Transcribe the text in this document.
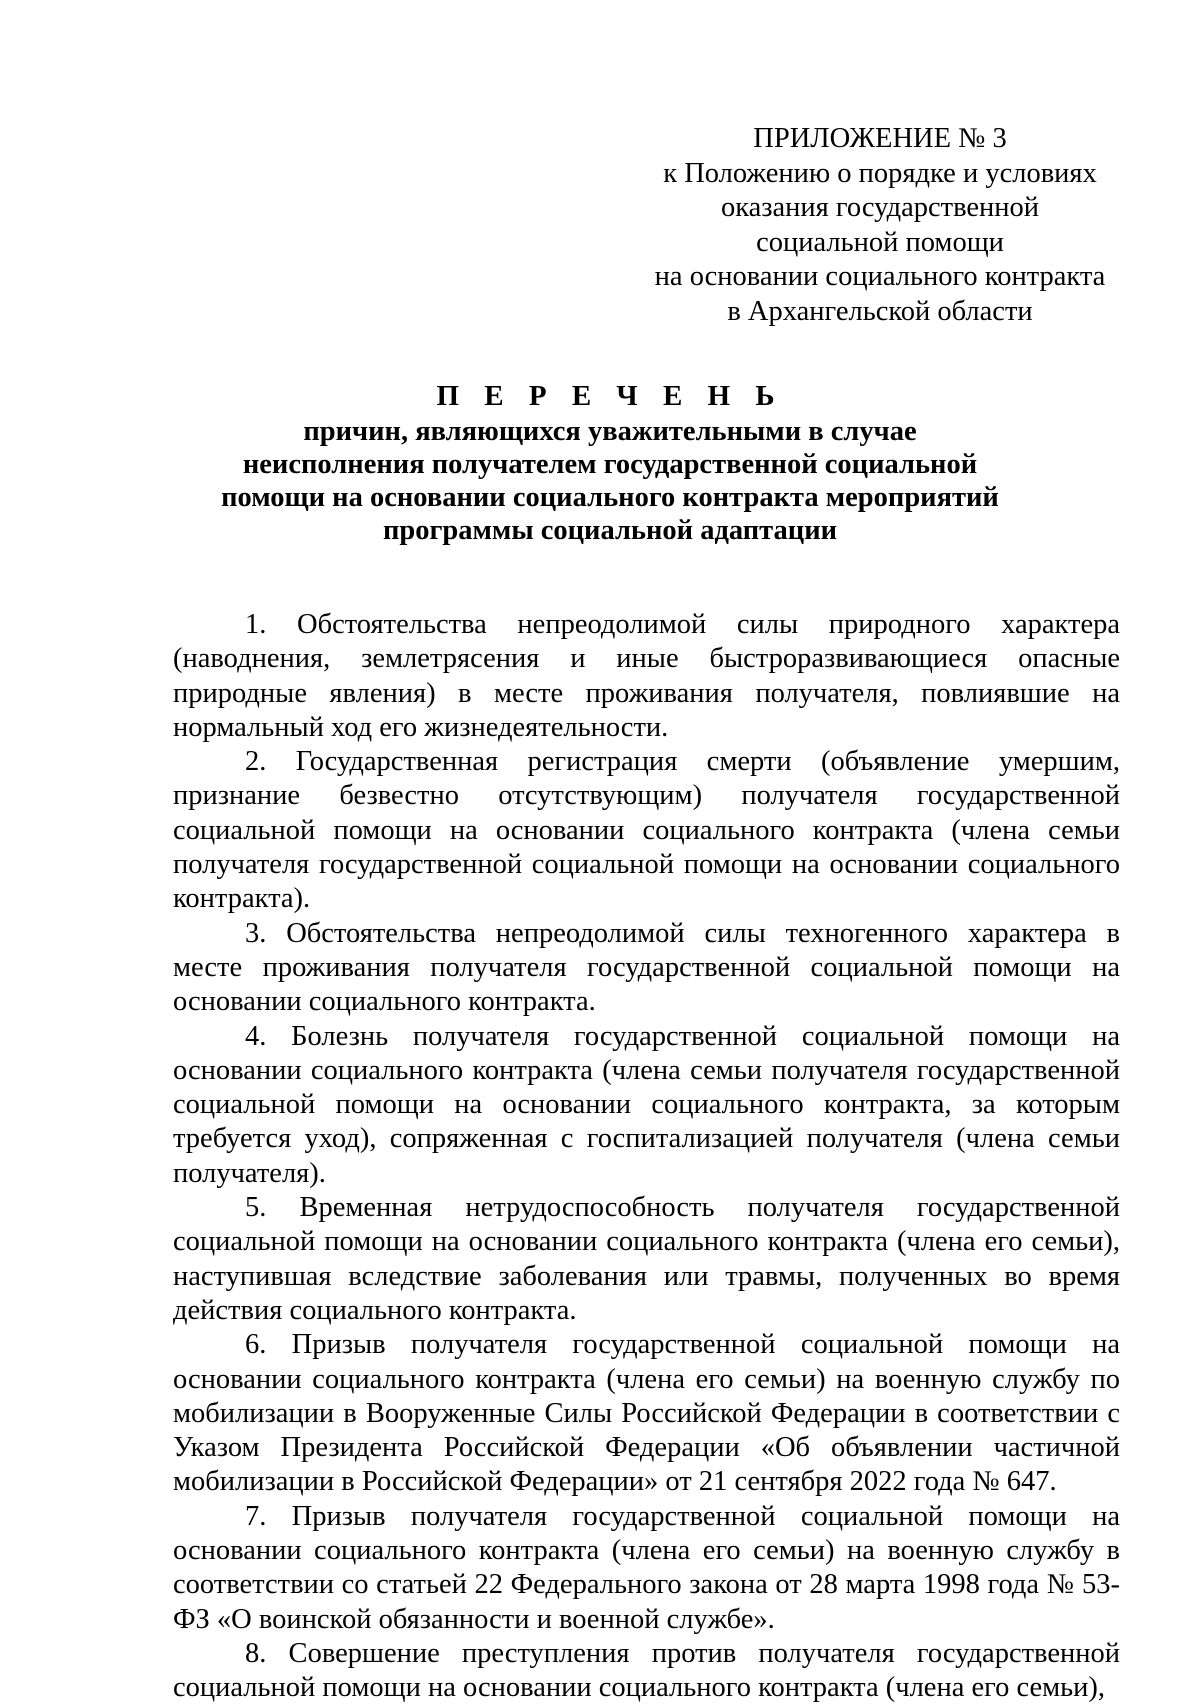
ПРИЛОЖЕНИЕ № 3
к Положению о порядке и условиях
оказания государственной
социальной помощи
на основании социального контракта
в Архангельской области
П Е Р Е Ч Е Н Ь
причин, являющихся уважительными в случае
неисполнения получателем государственной социальной
помощи на основании социального контракта мероприятий
программы социальной адаптации

1. Обстоятельства непреодолимой силы природного характера (наводнения, землетрясения и иные быстроразвивающиеся опасные природные явления) в месте проживания получателя, повлиявшие на нормальный ход его жизнедеятельности.

2. Государственная регистрация смерти (объявление умершим, признание безвестно отсутствующим) получателя государственной социальной помощи на основании социального контракта (члена семьи получателя государственной социальной помощи на основании социального контракта).

3. Обстоятельства непреодолимой силы техногенного характера в месте проживания получателя государственной социальной помощи на основании социального контракта.

4. Болезнь получателя государственной социальной помощи на основании социального контракта (члена семьи получателя государственной социальной помощи на основании социального контракта, за которым требуется уход), сопряженная с госпитализацией получателя (члена семьи получателя).

5. Временная нетрудоспособность получателя государственной социальной помощи на основании социального контракта (члена его семьи), наступившая вследствие заболевания или травмы, полученных во время действия социального контракта.

6. Призыв получателя государственной социальной помощи на основании социального контракта (члена его семьи) на военную службу по мобилизации в Вооруженные Силы Российской Федерации в соответствии с Указом Президента Российской Федерации «Об объявлении частичной мобилизации в Российской Федерации» от 21 сентября 2022 года № 647.

7. Призыв получателя государственной социальной помощи на основании социального контракта (члена его семьи) на военную службу в соответствии со статьей 22 Федерального закона от 28 марта 1998 года № 53-ФЗ «О воинской обязанности и военной службе».

8. Совершение преступления против получателя государственной социальной помощи на основании социального контракта (члена его семьи),
